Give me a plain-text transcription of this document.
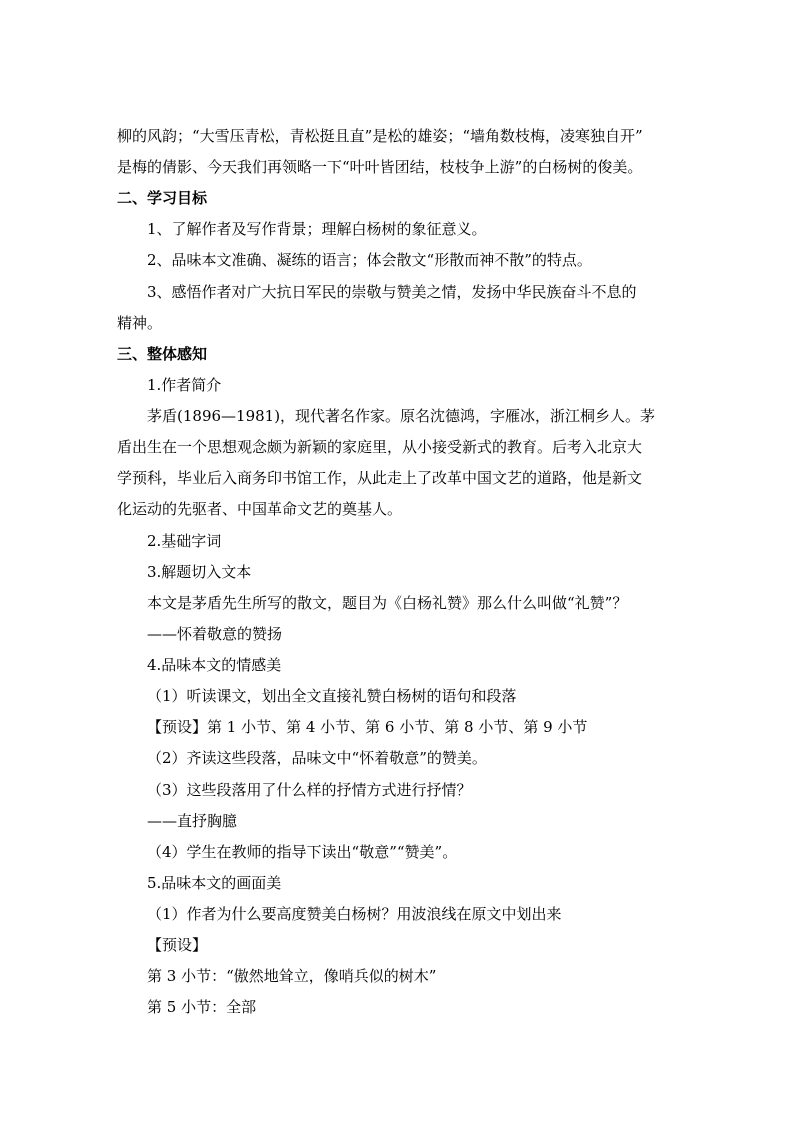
柳的风韵；“大雪压青松，青松挺且直”是松的雄姿；“墙角数枝梅，凌寒独自开”
是梅的倩影、今天我们再领略一下“叶叶皆团结，枝枝争上游”的白杨树的俊美。
二、学习目标
1、了解作者及写作背景；理解白杨树的象征意义。
2、品味本文准确、凝练的语言；体会散文“形散而神不散”的特点。
3、感悟作者对广大抗日军民的崇敬与赞美之情，发扬中华民族奋斗不息的
精神。
三、整体感知
1.作者简介
茅盾(1896—1981)，现代著名作家。原名沈德鸿，字雁冰，浙江桐乡人。茅
盾出生在一个思想观念颇为新颖的家庭里，从小接受新式的教育。后考入北京大
学预科，毕业后入商务印书馆工作，从此走上了改革中国文艺的道路，他是新文
化运动的先驱者、中国革命文艺的奠基人。
2.基础字词
3.解题切入文本
本文是茅盾先生所写的散文，题目为《白杨礼赞》那么什么叫做“礼赞”？
——怀着敬意的赞扬
4.品味本文的情感美
（1）听读课文，划出全文直接礼赞白杨树的语句和段落
【预设】第 1 小节、第 4 小节、第 6 小节、第 8 小节、第 9 小节
（2）齐读这些段落，品味文中“怀着敬意”的赞美。
（3）这些段落用了什么样的抒情方式进行抒情？
——直抒胸臆
（4）学生在教师的指导下读出“敬意”“赞美”。
5.品味本文的画面美
（1）作者为什么要高度赞美白杨树？用波浪线在原文中划出来
【预设】
第 3 小节：“傲然地耸立，像哨兵似的树木”
第 5 小节：全部
